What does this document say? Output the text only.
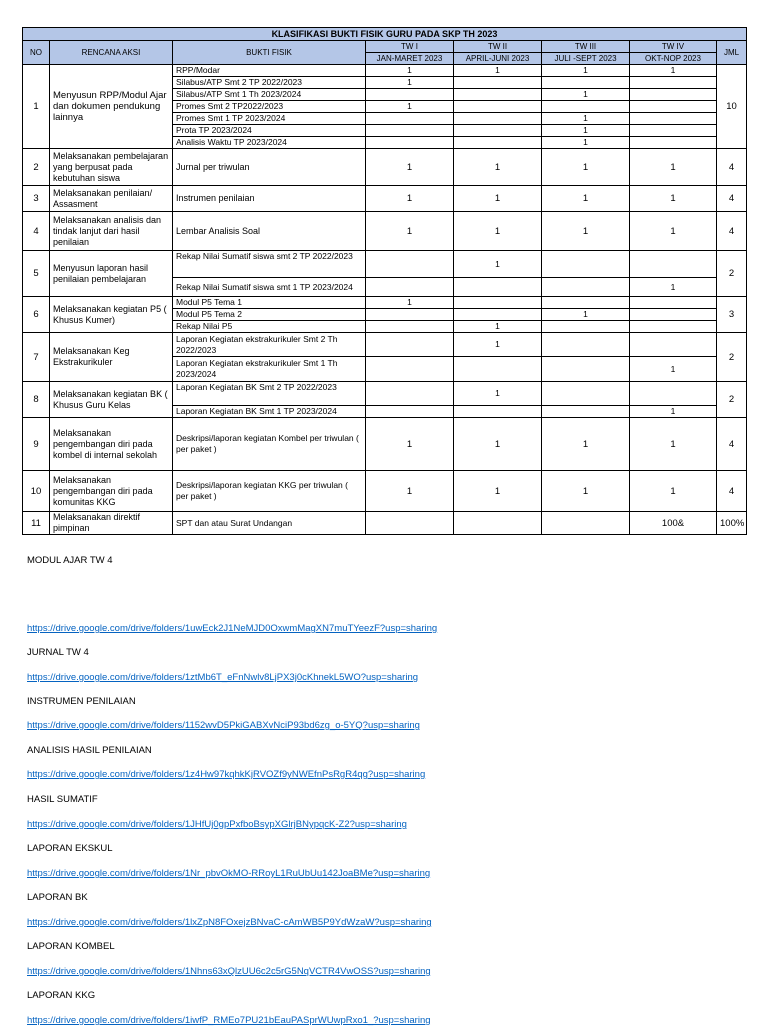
KLASIFIKASI BUKTI FISIK GURU PADA SKP TH 2023							
NO	RENCANA AKSI	BUKTI FISIK	TW I	TW II	TW III	TW IV	JML
			JAN-MARET 2023	APRIL-JUNI 2023	JULI -SEPT 2023	OKT-NOP 2023	
1	Menyusun RPP/Modul Ajar dan dokumen pendukung lainnya	RPP/Modar	1	1	1	1	10
		Silabus/ATP Smt 2 TP 2022/2023	1				
		Silabus/ATP Smt 1 Th 2023/2024			1		
		Promes Smt 2 TP2022/2023	1				
		Promes Smt 1 TP 2023/2024			1		
		Prota TP 2023/2024			1		
		Analisis Waktu TP 2023/2024			1		
2	Melaksanakan pembelajaran yang berpusat pada kebutuhan siswa	Jurnal per triwulan	1	1	1	1	4
3	Melaksanakan penilaian/ Assasment	Instrumen penilaian	1	1	1	1	4
4	Melaksanakan analisis dan tindak lanjut dari hasil penilaian	Lembar Analisis Soal	1	1	1	1	4
5	Menyusun laporan hasil penilaian pembelajaran	Rekap Nilai Sumatif siswa smt 2 TP 2022/2023		1			2
		Rekap Nilai Sumatif siswa smt 1 TP 2023/2024				1	
6	Melaksanakan kegiatan P5 ( Khusus Kumer)	Modul P5 Tema 1	1				3
		Modul P5 Tema 2			1		
		Rekap Nilai P5		1			
7	Melaksanakan Keg Ekstrakurikuler	Laporan Kegiatan ekstrakurikuler Smt 2 Th 2022/2023		1			2
		Laporan Kegiatan ekstrakurikuler Smt 1 Th 2023/2024				1	
8	Melaksanakan kegiatan BK ( Khusus Guru Kelas	Laporan Kegiatan BK Smt 2 TP 2022/2023		1			2
		Laporan Kegiatan BK Smt 1 TP 2023/2024				1	
9	Melaksanakan pengembangan diri pada kombel di internal sekolah	Deskripsi/laporan kegiatan Kombel per triwulan ( per paket )	1	1	1	1	4
10	Melaksanakan pengembangan diri pada komunitas KKG	Deskripsi/laporan kegiatan KKG per triwulan ( per paket )	1	1	1	1	4
11	Melaksanakan direktif pimpinan	SPT dan atau Surat Undangan				100&	100%
MODUL AJAR TW 4
https://drive.google.com/drive/folders/1uwEck2J1NeMJD0OxwmMagXN7muTYeezF?usp=sharing
JURNAL TW 4
https://drive.google.com/drive/folders/1ztMb6T_eFnNwlv8LjPX3j0cKhnekL5WO?usp=sharing
INSTRUMEN PENILAIAN
https://drive.google.com/drive/folders/1152wvD5PkiGABXvNciP93bd6zg_o-5YQ?usp=sharing
ANALISIS HASIL PENILAIAN
https://drive.google.com/drive/folders/1z4Hw97kqhkKjRVOZf9yNWEfnPsRgR4qg?usp=sharing
HASIL SUMATIF
https://drive.google.com/drive/folders/1JHfUj0gpPxfboBsypXGlrjBNypqcK-Z2?usp=sharing
LAPORAN EKSKUL
https://drive.google.com/drive/folders/1Nr_pbvOkMO-RRoyL1RuUbUu142JoaBMe?usp=sharing
LAPORAN BK
https://drive.google.com/drive/folders/1lxZpN8FOxejzBNvaC-cAmWB5P9YdWzaW?usp=sharing
LAPORAN KOMBEL
https://drive.google.com/drive/folders/1Nhns63xQlzUU6c2c5rG5NqVCTR4VwOSS?usp=sharing
LAPORAN KKG
https://drive.google.com/drive/folders/1iwfP_RMEo7PU21bEauPASprWUwpRxo1_?usp=sharing
